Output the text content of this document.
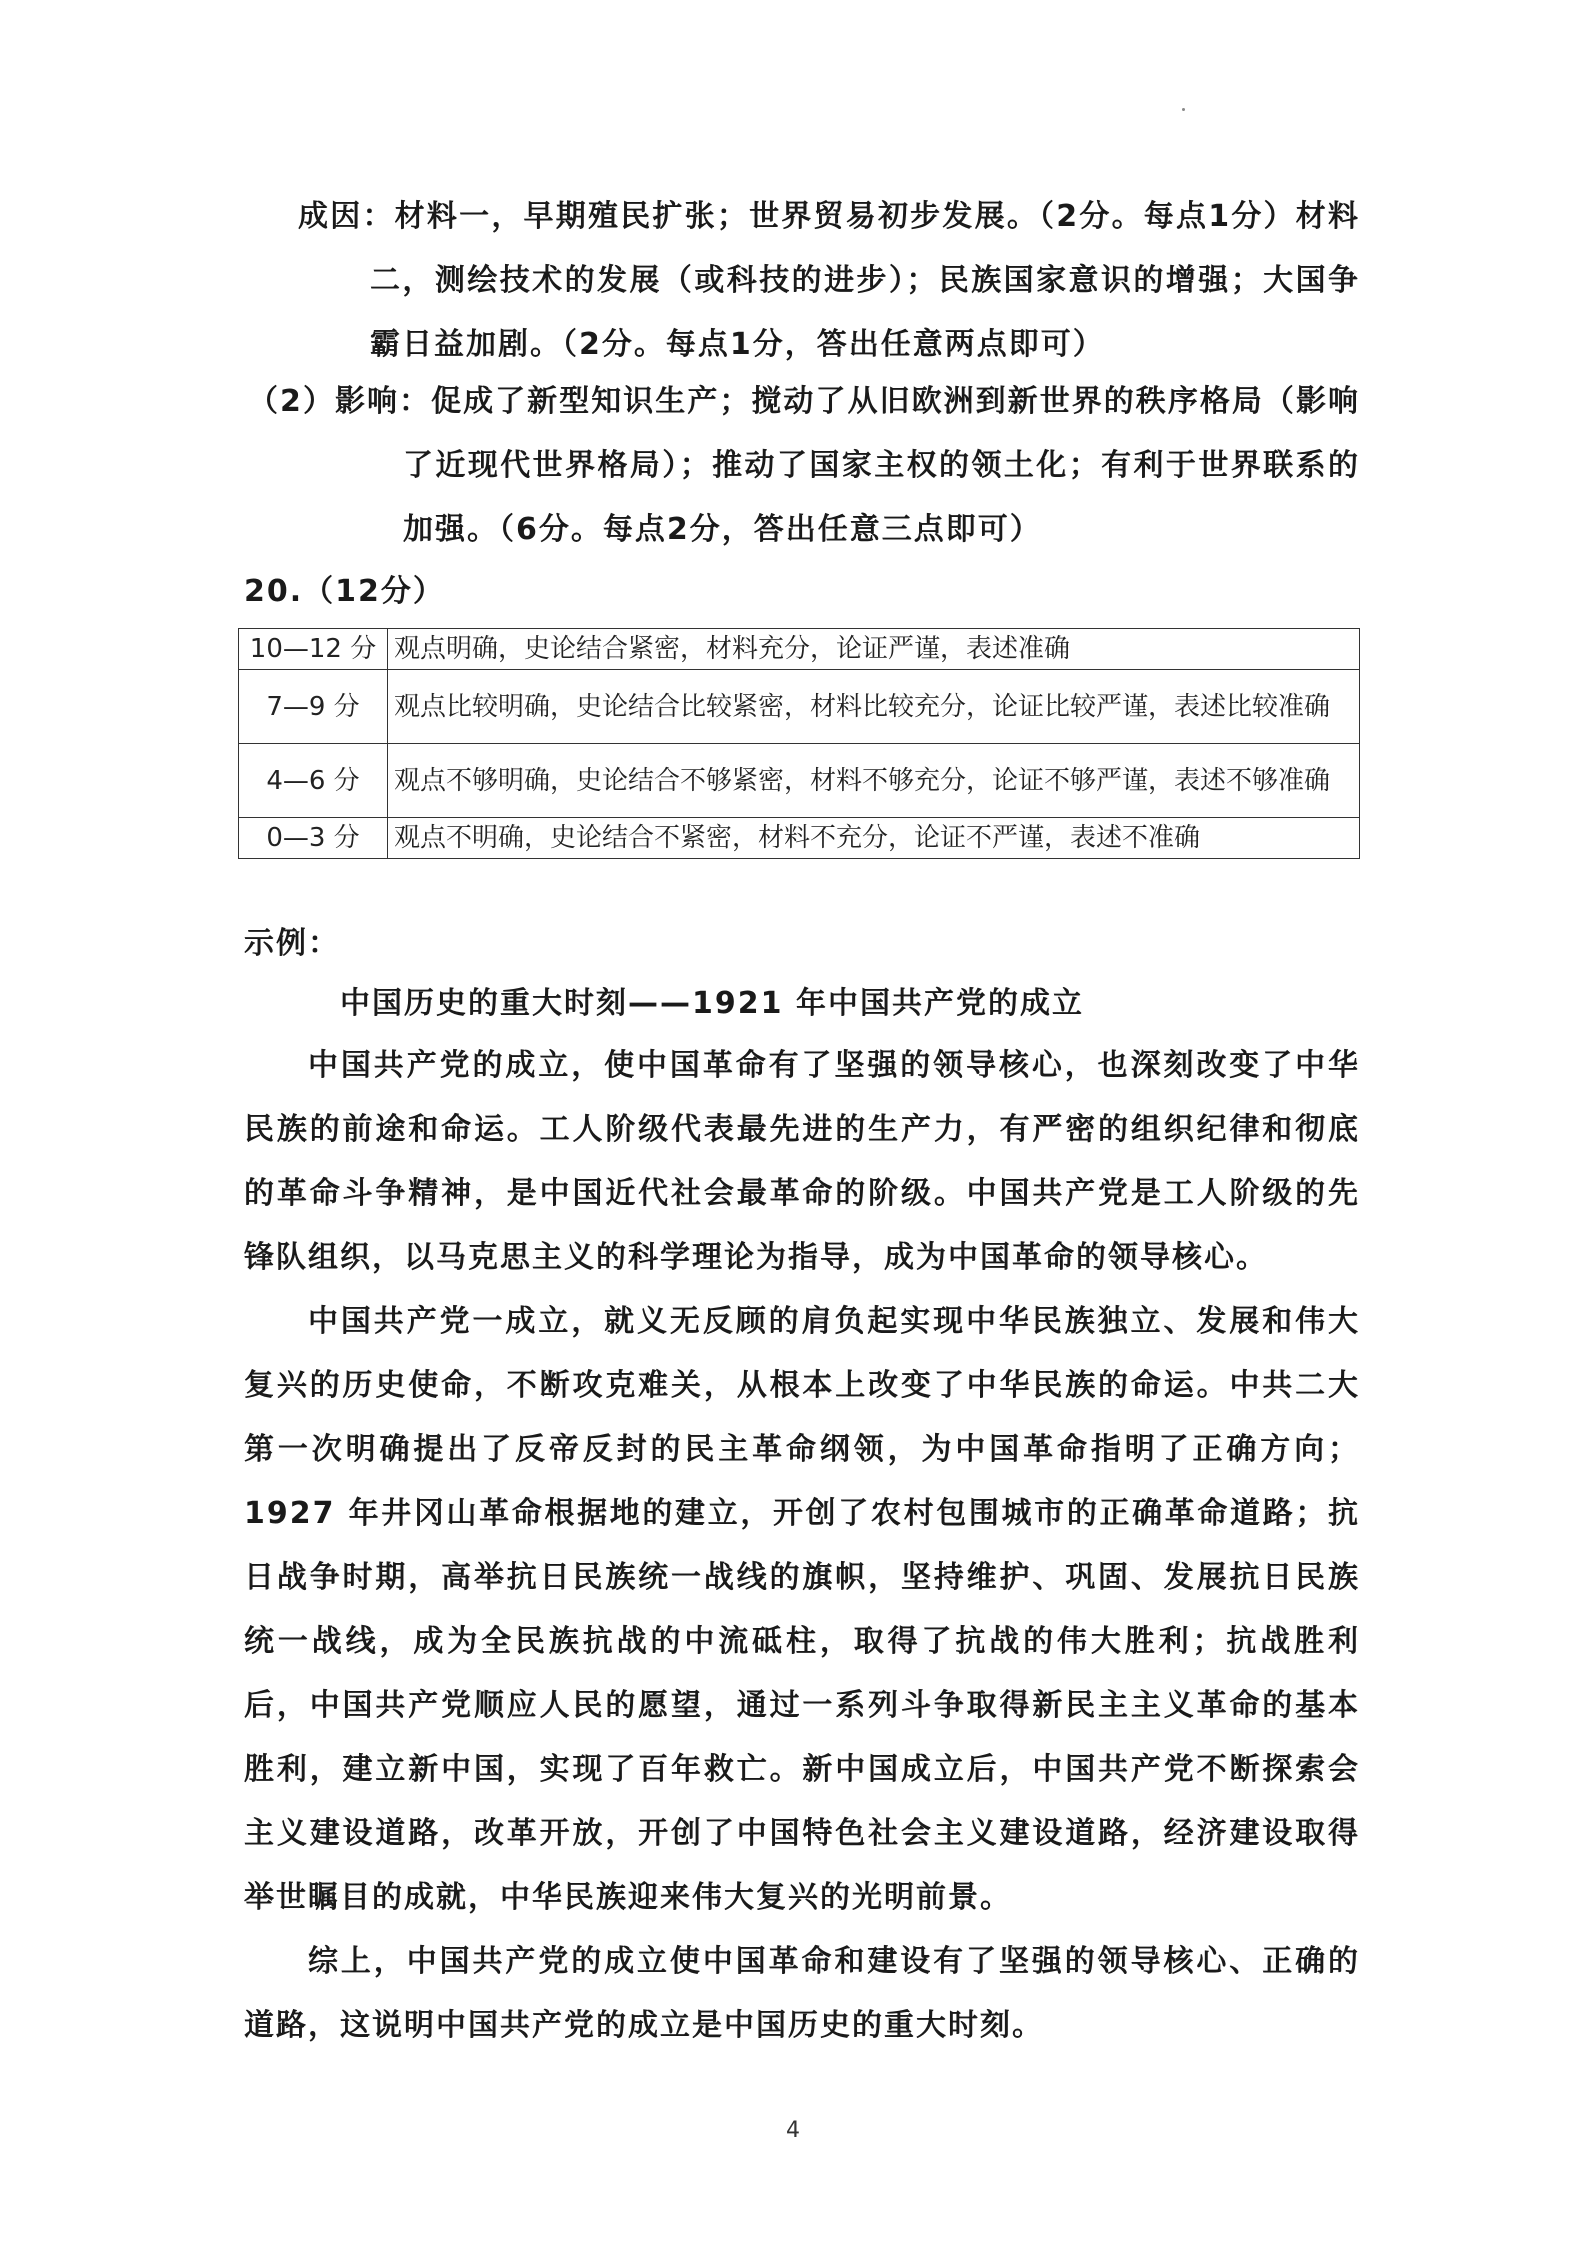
成因：材料一，早期殖民扩张；世界贸易初步发展。（2分。每点1分）材料二，测绘技术的发展（或科技的进步）；民族国家意识的增强；大国争霸日益加剧。（2分。每点1分，答出任意两点即可）
（2）影响：促成了新型知识生产；搅动了从旧欧洲到新世界的秩序格局（影响了近现代世界格局）；推动了国家主权的领土化；有利于世界联系的加强。（6分。每点2分，答出任意三点即可）
20.（12分）
10—12 分	观点明确，史论结合紧密，材料充分，论证严谨，表述准确
7—9 分	观点比较明确，史论结合比较紧密，材料比较充分，论证比较严谨，表述比较准确
4—6 分	观点不够明确，史论结合不够紧密，材料不够充分，论证不够严谨，表述不够准确
0—3 分	观点不明确，史论结合不紧密，材料不充分，论证不严谨，表述不准确
示例：
中国历史的重大时刻——1921 年中国共产党的成立
中国共产党的成立，使中国革命有了坚强的领导核心，也深刻改变了中华民族的前途和命运。工人阶级代表最先进的生产力，有严密的组织纪律和彻底的革命斗争精神，是中国近代社会最革命的阶级。中国共产党是工人阶级的先锋队组织，以马克思主义的科学理论为指导，成为中国革命的领导核心。
中国共产党一成立，就义无反顾的肩负起实现中华民族独立、发展和伟大复兴的历史使命，不断攻克难关，从根本上改变了中华民族的命运。中共二大第一次明确提出了反帝反封的民主革命纲领，为中国革命指明了正确方向；1927 年井冈山革命根据地的建立，开创了农村包围城市的正确革命道路；抗日战争时期，高举抗日民族统一战线的旗帜，坚持维护、巩固、发展抗日民族统一战线，成为全民族抗战的中流砥柱，取得了抗战的伟大胜利；抗战胜利后，中国共产党顺应人民的愿望，通过一系列斗争取得新民主主义革命的基本胜利，建立新中国，实现了百年救亡。新中国成立后，中国共产党不断探索会主义建设道路，改革开放，开创了中国特色社会主义建设道路，经济建设取得举世瞩目的成就，中华民族迎来伟大复兴的光明前景。
综上，中国共产党的成立使中国革命和建设有了坚强的领导核心、正确的道路，这说明中国共产党的成立是中国历史的重大时刻。
4
